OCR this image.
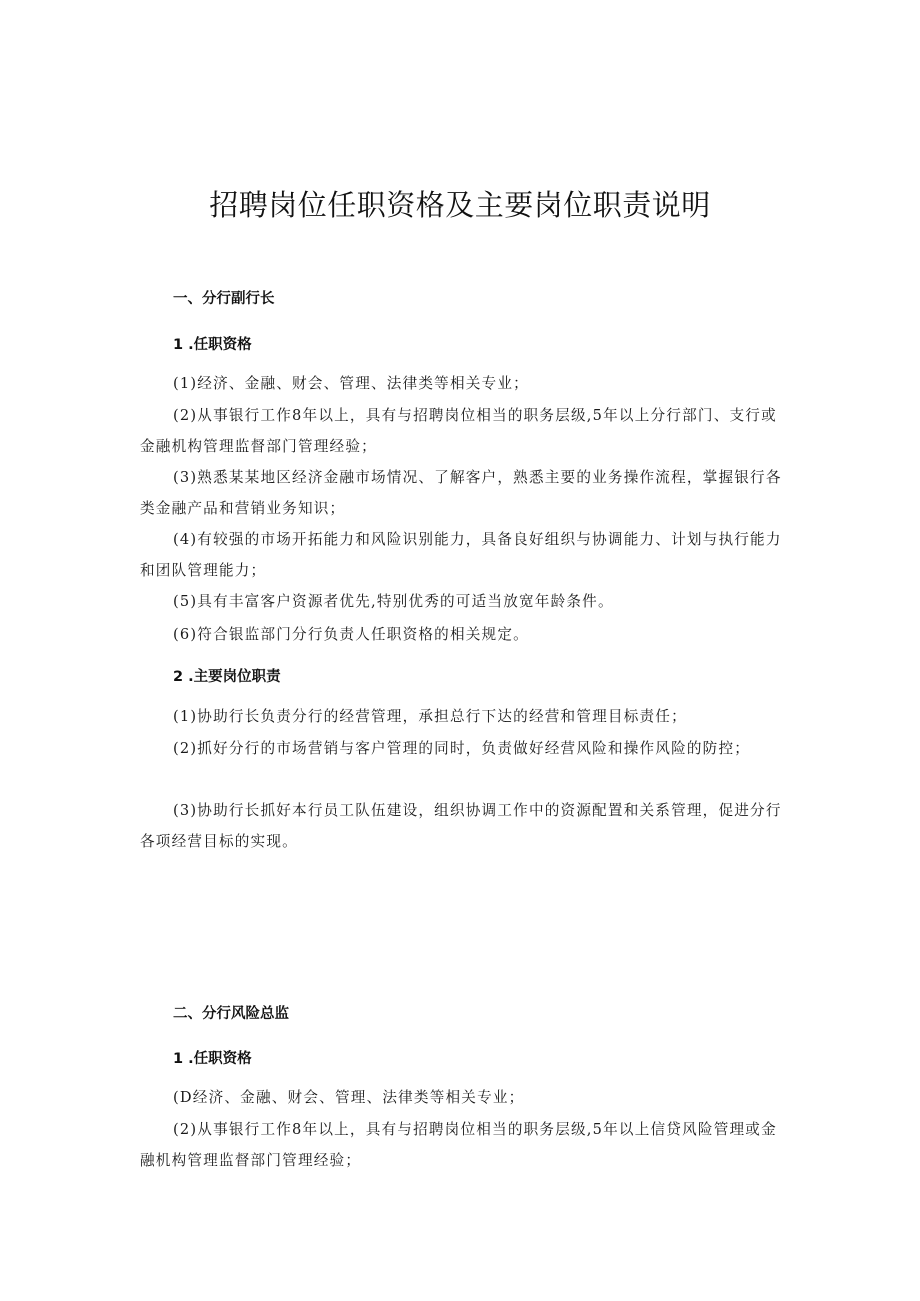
招聘岗位任职资格及主要岗位职责说明
一、分行副行长
1 .任职资格
(1)经济、金融、财会、管理、法律类等相关专业；
(2)从事银行工作8年以上，具有与招聘岗位相当的职务层级,5年以上分行部门、支行或金融机构管理监督部门管理经验；
(3)熟悉某某地区经济金融市场情况、了解客户，熟悉主要的业务操作流程，掌握银行各类金融产品和营销业务知识；
(4)有较强的市场开拓能力和风险识别能力，具备良好组织与协调能力、计划与执行能力和团队管理能力；
(5)具有丰富客户资源者优先,特别优秀的可适当放宽年龄条件。
(6)符合银监部门分行负责人任职资格的相关规定。
2 .主要岗位职责
(1)协助行长负责分行的经营管理，承担总行下达的经营和管理目标责任；
(2)抓好分行的市场营销与客户管理的同时，负责做好经营风险和操作风险的防控；
(3)协助行长抓好本行员工队伍建设，组织协调工作中的资源配置和关系管理，促进分行各项经营目标的实现。
二、分行风险总监
1 .任职资格
(D经济、金融、财会、管理、法律类等相关专业；
(2)从事银行工作8年以上，具有与招聘岗位相当的职务层级,5年以上信贷风险管理或金融机构管理监督部门管理经验；
